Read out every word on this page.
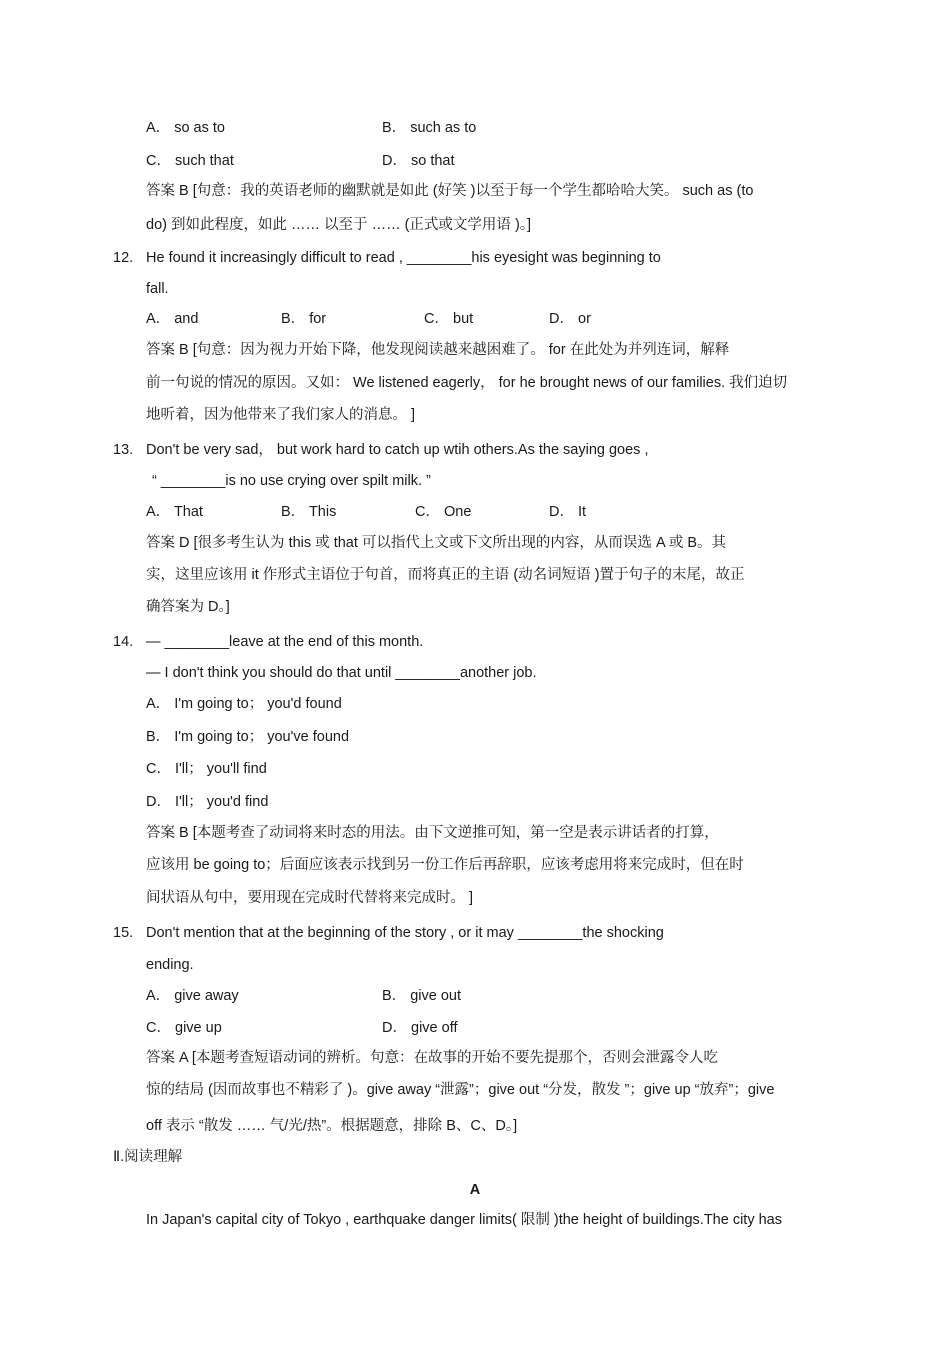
A． so as to	B． such as to
C． such that	D． so that
答案 B [句意：我的英语老师的幽默就是如此 (好笑 )以至于每一个学生都哈哈大笑。 such as (to
do) 到如此程度，如此 …… 以至于 …… (正式或文学用语 )。]
12. He found it increasingly difficult to read , ________his eyesight was beginning to
fall.
A． and	B． for	C． but	D． or
答案 B [句意：因为视力开始下降，他发现阅读越来越困难了。 for 在此处为并列连词，解释
前一句说的情况的原因。又如： We listened eagerly， for he brought news of our families. 我们迫切
地听着，因为他带来了我们家人的消息。 ]
13. Don't be very sad， but work hard to catch up wtih others.As the saying goes ,
“ ________is no use crying over spilt milk. ”
A． That	B． This	C． One	D． It
答案 D [很多考生认为 this 或 that 可以指代上文或下文所出现的内容，从而误选 A 或 B。其
实，这里应该用 it 作形式主语位于句首，而将真正的主语 (动名词短语 )置于句子的末尾，故正
确答案为 D。]
14. — ________leave at the end of this month.
— I don't think you should do that until ________another job.
A． I'm going to； you'd found
B． I'm going to； you've found
C． I'll； you'll find
D． I'll； you'd find
答案 B [本题考查了动词将来时态的用法。由下文逆推可知，第一空是表示讲话者的打算，
应该用 be going to；后面应该表示找到另一份工作后再辞职，应该考虑用将来完成时，但在时
间状语从句中，要用现在完成时代替将来完成时。 ]
15. Don't mention that at the beginning of the story , or it may ________the shocking
ending.
A． give away	B． give out
C． give up	D． give off
答案 A [本题考查短语动词的辨析。句意：在故事的开始不要先提那个，否则会泄露令人吃
惊的结局 (因而故事也不精彩了 )。give away “泄露”；give out “分发，散发 ”；give up “放弃”；give
off 表示 “散发 …… 气/光/热”。根据题意，排除 B、C、D。]
Ⅱ.阅读理解
A
In Japan's capital city of Tokyo , earthquake danger limits( 限制 )the height of buildings.The city has
